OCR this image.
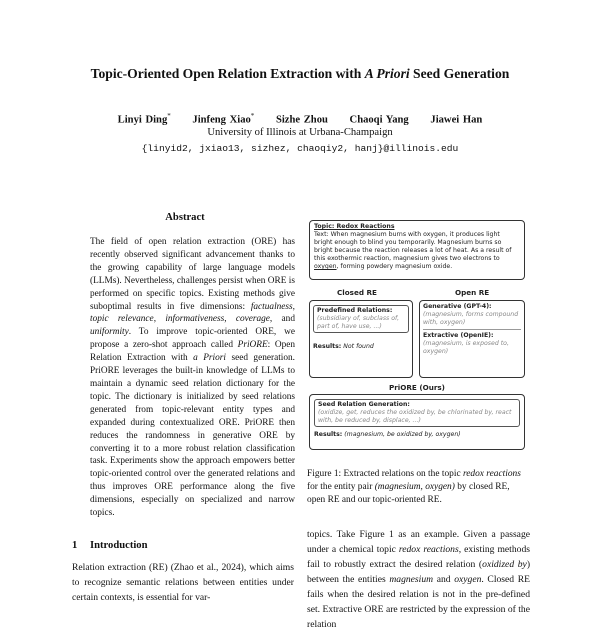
Topic-Oriented Open Relation Extraction with A Priori Seed Generation
Linyi Ding* Jinfeng Xiao* Sizhe Zhou Chaoqi Yang Jiawei Han
University of Illinois at Urbana-Champaign
{linyid2, jxiao13, sizhez, chaoqiy2, hanj}@illinois.edu
Abstract
The field of open relation extraction (ORE) has recently observed significant advancement thanks to the growing capability of large language models (LLMs). Nevertheless, challenges persist when ORE is performed on specific topics. Existing methods give suboptimal results in five dimensions: factualness, topic relevance, informativeness, coverage, and uniformity. To improve topic-oriented ORE, we propose a zero-shot approach called PriORE: Open Relation Extraction with a Priori seed generation. PriORE leverages the built-in knowledge of LLMs to maintain a dynamic seed relation dictionary for the topic. The dictionary is initialized by seed relations generated from topic-relevant entity types and expanded during contextualized ORE. PriORE then reduces the randomness in generative ORE by converting it to a more robust relation classification task. Experiments show the approach empowers better topic-oriented control over the generated relations and thus improves ORE performance along the five dimensions, especially on specialized and narrow topics.
1 Introduction
Relation extraction (RE) (Zhao et al., 2024), which aims to recognize semantic relations between entities under certain contexts, is essential for var-
Topic: Redox Reactions
Text: When magnesium burns with oxygen, it produces light bright enough to blind you temporarily. Magnesium burns so bright because the reaction releases a lot of heat. As a result of this exothermic reaction, magnesium gives two electrons to oxygen, forming powdery magnesium oxide.
Closed RE	Open RE
Predefined Relations:
(subsidiary of, subclass of, part of, have use, ...)
Results: Not found
Generative (GPT-4):
(magnesium, forms compound with, oxygen)
Extractive (OpenIE):
(magnesium, is exposed to, oxygen)
PriORE (Ours)
Seed Relation Generation:
(oxidize, get, reduces the oxidized by, be chlorinated by, react with, be reduced by, displace, ...)
Results: (magnesium, be oxidized by, oxygen)
Figure 1: Extracted relations on the topic redox reactions for the entity pair (magnesium, oxygen) by closed RE, open RE and our topic-oriented RE.
topics. Take Figure 1 as an example. Given a passage under a chemical topic redox reactions, existing methods fail to robustly extract the desired relation (oxidized by) between the entities magnesium and oxygen. Closed RE fails when the desired relation is not in the pre-defined set. Extractive ORE are restricted by the expression of the relation
